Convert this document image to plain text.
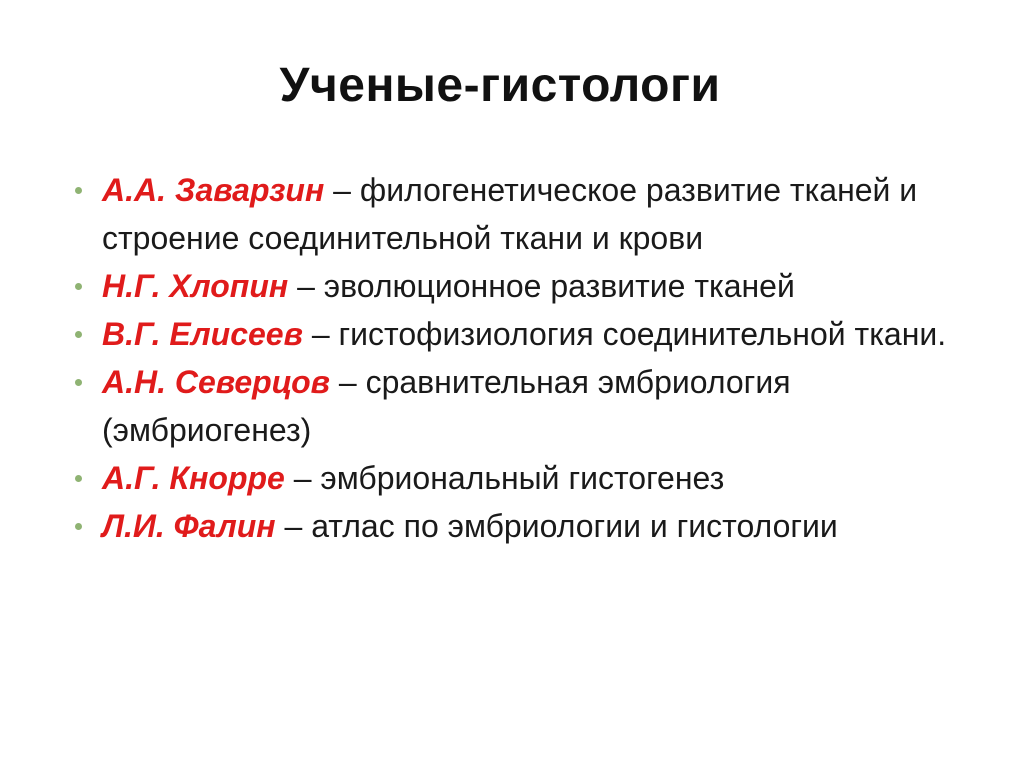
Ученые-гистологи
А.А. Заварзин – филогенетическое развитие тканей и строение соединительной ткани и крови
Н.Г. Хлопин – эволюционное развитие тканей
В.Г. Елисеев – гистофизиология соединительной ткани.
А.Н. Северцов – сравнительная эмбриология (эмбриогенез)
А.Г. Кнорре – эмбриональный гистогенез
Л.И. Фалин – атлас по эмбриологии и гистологии
